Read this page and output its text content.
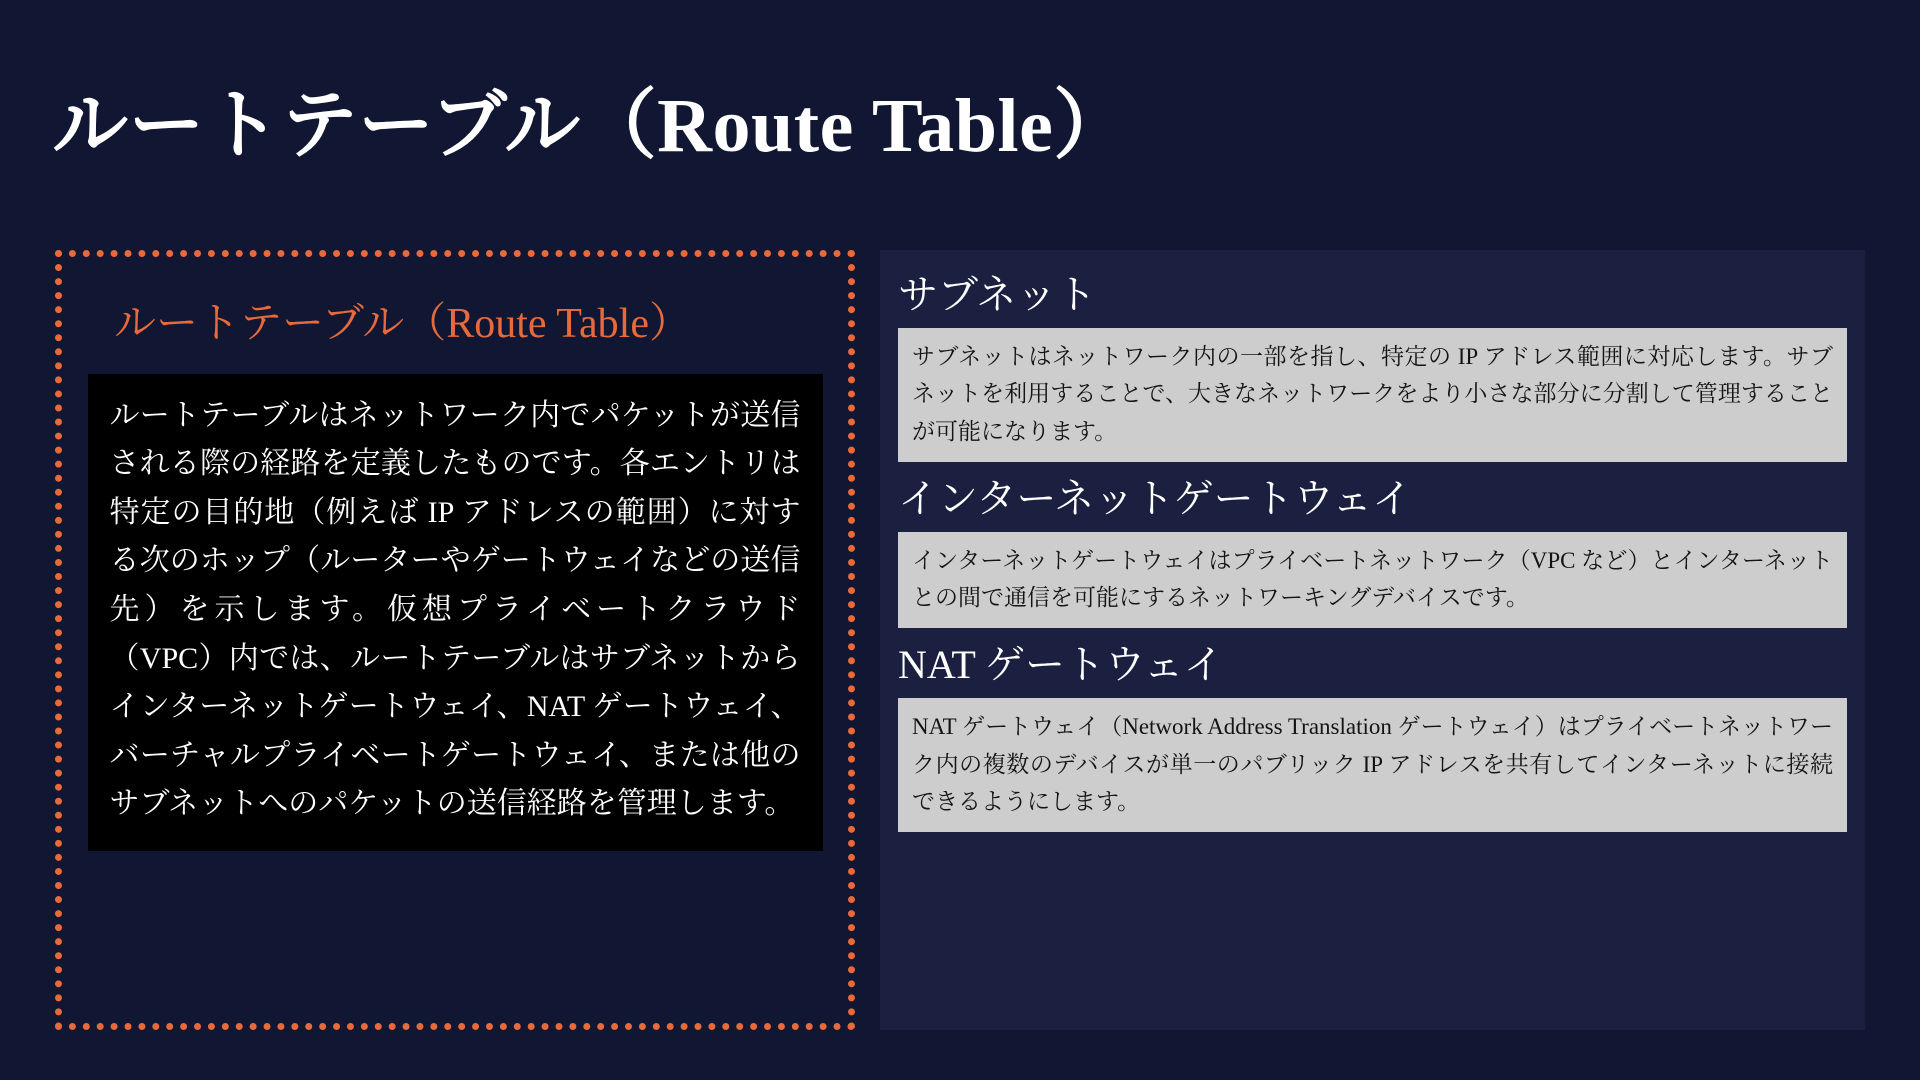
ルートテーブル（Route Table）
ルートテーブル（Route Table）
ルートテーブルはネットワーク内でパケットが送信される際の経路を定義したものです。各エントリは特定の目的地（例えば IP アドレスの範囲）に対する次のホップ（ルーターやゲートウェイなどの送信先）を示します。仮想プライベートクラウド（VPC）内では、ルートテーブルはサブネットからインターネットゲートウェイ、NAT ゲートウェイ、バーチャルプライベートゲートウェイ、または他のサブネットへのパケットの送信経路を管理します。
サブネット
サブネットはネットワーク内の一部を指し、特定の IP アドレス範囲に対応します。サブネットを利用することで、大きなネットワークをより小さな部分に分割して管理することが可能になります。
インターネットゲートウェイ
インターネットゲートウェイはプライベートネットワーク（VPC など）とインターネットとの間で通信を可能にするネットワーキングデバイスです。
NAT ゲートウェイ
NAT ゲートウェイ（Network Address Translation ゲートウェイ）はプライベートネットワーク内の複数のデバイスが単一のパブリック IP アドレスを共有してインターネットに接続できるようにします。
